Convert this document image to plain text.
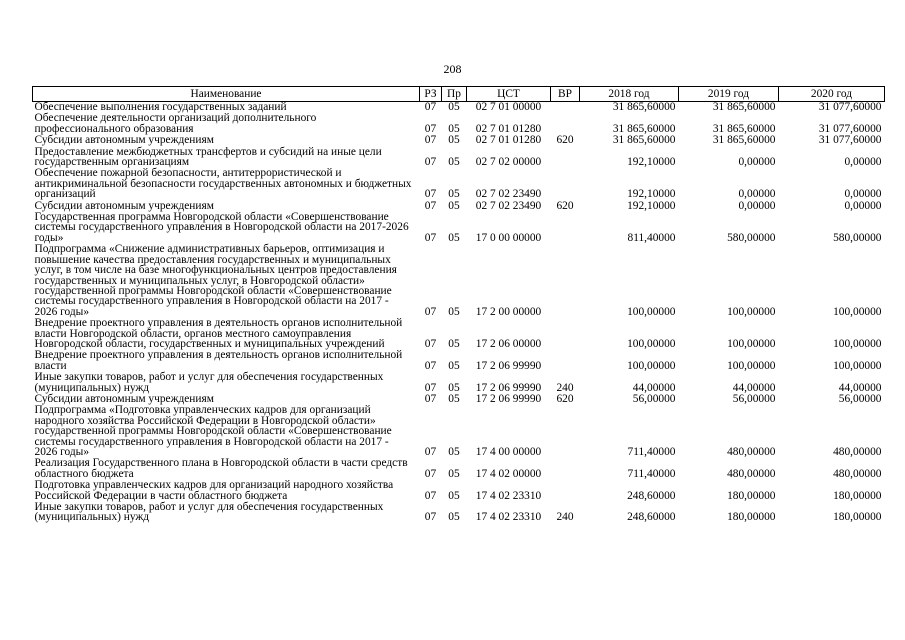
208
Наименование	РЗ	Пр	ЦСТ	ВР	2018 год	2019 год	2020 год
Обеспечение выполнения государственных заданий	07	05	02 7 01 00000		31 865,60000	31 865,60000	31 077,60000
Обеспечение деятельности организаций дополнительного профессионального образования	07	05	02 7 01 01280		31 865,60000	31 865,60000	31 077,60000
Субсидии автономным учреждениям	07	05	02 7 01 01280	620	31 865,60000	31 865,60000	31 077,60000
Предоставление межбюджетных трансфертов и субсидий на иные цели государственным организациям	07	05	02 7 02 00000		192,10000	0,00000	0,00000
Обеспечение пожарной безопасности, антитеррористической и антикриминальной безопасности государственных автономных и бюджетных организаций	07	05	02 7 02 23490		192,10000	0,00000	0,00000
Субсидии автономным учреждениям	07	05	02 7 02 23490	620	192,10000	0,00000	0,00000
Государственная программа Новгородской области «Совершенствование системы государственного управления в Новгородской области на 2017-2026 годы»	07	05	17 0 00 00000		811,40000	580,00000	580,00000
Подпрограмма «Снижение административных барьеров, оптимизация и повышение качества предоставления государственных и муниципальных услуг, в том числе на базе многофункциональных центров предоставления государственных и муниципальных услуг, в Новгородской области» государственной программы Новгородской области «Совершенствование системы государственного управления в Новгородской области на 2017 - 2026 годы»	07	05	17 2 00 00000		100,00000	100,00000	100,00000
Внедрение проектного управления в деятельность органов исполнительной власти Новгородской области, органов местного самоуправления Новгородской области, государственных и муниципальных учреждений	07	05	17 2 06 00000		100,00000	100,00000	100,00000
Внедрение проектного управления в деятельность органов исполнительной власти	07	05	17 2 06 99990		100,00000	100,00000	100,00000
Иные закупки товаров, работ и услуг для обеспечения государственных (муниципальных) нужд	07	05	17 2 06 99990	240	44,00000	44,00000	44,00000
Субсидии автономным учреждениям	07	05	17 2 06 99990	620	56,00000	56,00000	56,00000
Подпрограмма «Подготовка управленческих кадров для организаций народного хозяйства Российской Федерации в Новгородской области» государственной программы Новгородской области «Совершенствование системы государственного управления в Новгородской области на 2017 - 2026 годы»	07	05	17 4 00 00000		711,40000	480,00000	480,00000
Реализация Государственного плана в Новгородской области в части средств областного бюджета	07	05	17 4 02 00000		711,40000	480,00000	480,00000
Подготовка управленческих кадров для организаций народного хозяйства Российской Федерации в части областного бюджета	07	05	17 4 02 23310		248,60000	180,00000	180,00000
Иные закупки товаров, работ и услуг для обеспечения государственных (муниципальных) нужд	07	05	17 4 02 23310	240	248,60000	180,00000	180,00000
